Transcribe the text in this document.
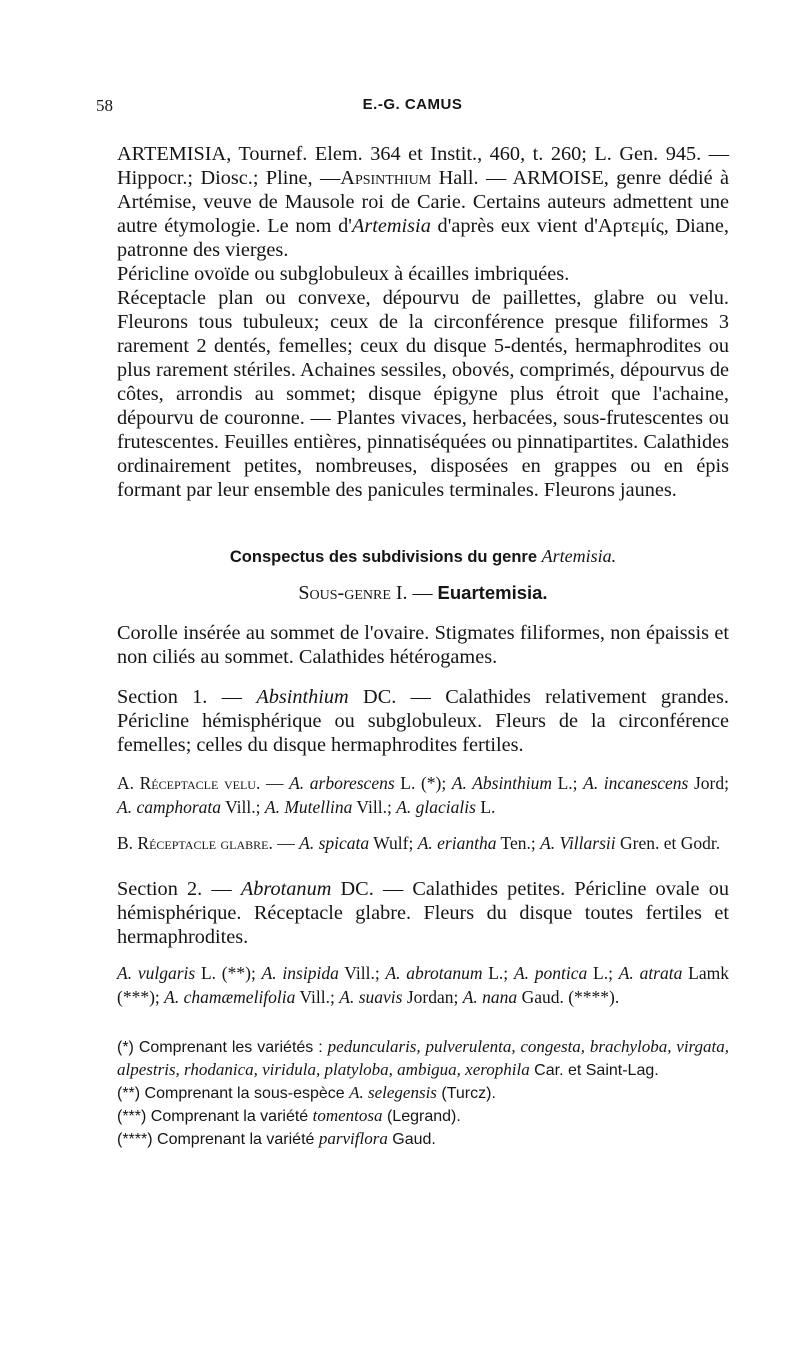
58	E.-G. CAMUS

ARTEMISIA, Tournef. Elem. 364 et Instit., 460, t. 260; L. Gen. 945. — Hippocr.; Diosc.; Pline, —Apsinthium Hall. — ARMOISE, genre dédié à Artémise, veuve de Mausole roi de Carie. Certains auteurs admettent une autre étymologie. Le nom d'Artemisia d'après eux vient d'Αρτεμίς, Diane, patronne des vierges.

Péricline ovoïde ou subglobuleux à écailles imbriquées.

Réceptacle plan ou convexe, dépourvu de paillettes, glabre ou velu. Fleurons tous tubuleux; ceux de la circonférence presque filiformes 3 rarement 2 dentés, femelles; ceux du disque 5-dentés, hermaphrodites ou plus rarement stériles. Achaines sessiles, obovés, comprimés, dépourvus de côtes, arrondis au sommet; disque épigyne plus étroit que l'achaine, dépourvu de couronne. — Plantes vivaces, herbacées, sous-frutescentes ou frutescentes. Feuilles entières, pinnatiséquées ou pinnatipartites. Calathides ordinairement petites, nombreuses, disposées en grappes ou en épis formant par leur ensemble des panicules terminales. Fleurons jaunes.

Conspectus des subdivisions du genre Artemisia.
Sous-genre I. — Euartemisia.

Corolle insérée au sommet de l'ovaire. Stigmates filiformes, non épaissis et non ciliés au sommet. Calathides hétérogames.

Section 1. — Absinthium DC. — Calathides relativement grandes. Péricline hémisphérique ou subglobuleux. Fleurs de la circonférence femelles; celles du disque hermaphrodites fertiles.

A. Réceptacle velu. — A. arborescens L. (*); A. Absinthium L.; A. incanescens Jord; A. camphorata Vill.; A. Mutellina Vill.; A. glacialis L.

B. Réceptacle glabre. — A. spicata Wulf; A. eriantha Ten.; A. Villarsii Gren. et Godr.

Section 2. — Abrotanum DC. — Calathides petites. Péricline ovale ou hémisphérique. Réceptacle glabre. Fleurs du disque toutes fertiles et hermaphrodites.

A. vulgaris L. (**); A. insipida Vill.; A. abrotanum L.; A. pontica L.; A. atrata Lamk (***); A. chamæmelifolia Vill.; A. suavis Jordan; A. nana Gaud. (****).

(*) Comprenant les variétés : peduncularis, pulverulenta, congesta, brachyloba, virgata, alpestris, rhodanica, viridula, platyloba, ambigua, xerophila Car. et Saint-Lag.

(**) Comprenant la sous-espèce A. selegensis (Turcz).

(***) Comprenant la variété tomentosa (Legrand).

(****) Comprenant la variété parviflora Gaud.
